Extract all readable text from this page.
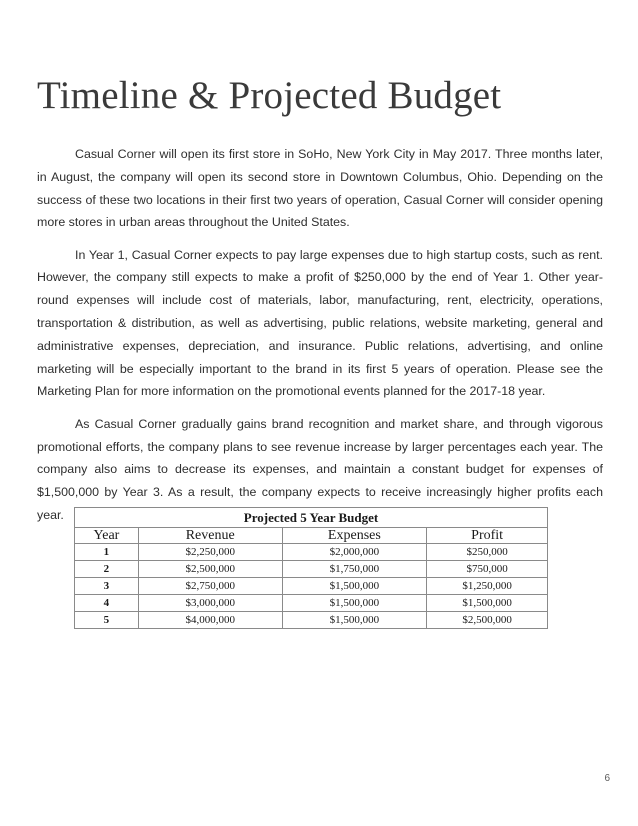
Timeline & Projected Budget

Casual Corner will open its first store in SoHo, New York City in May 2017. Three months later, in August, the company will open its second store in Downtown Columbus, Ohio. Depending on the success of these two locations in their first two years of operation, Casual Corner will consider opening more stores in urban areas throughout the United States.

In Year 1, Casual Corner expects to pay large expenses due to high startup costs, such as rent. However, the company still expects to make a profit of $250,000 by the end of Year 1. Other year-round expenses will include cost of materials, labor, manufacturing, rent, electricity, operations, transportation & distribution, as well as advertising, public relations, website marketing, general and administrative expenses, depreciation, and insurance. Public relations, advertising, and online marketing will be especially important to the brand in its first 5 years of operation. Please see the Marketing Plan for more information on the promotional events planned for the 2017-18 year.

As Casual Corner gradually gains brand recognition and market share, and through vigorous promotional efforts, the company plans to see revenue increase by larger percentages each year. The company also aims to decrease its expenses, and maintain a constant budget for expenses of $1,500,000 by Year 3. As a result, the company expects to receive increasingly higher profits each year.	Projected 5 Year Budget			
Year	Revenue	Expenses	Profit
1	$2,250,000	$2,000,000	$250,000
2	$2,500,000	$1,750,000	$750,000
3	$2,750,000	$1,500,000	$1,250,000
4	$3,000,000	$1,500,000	$1,500,000
5	$4,000,000	$1,500,000	$2,500,000
6
